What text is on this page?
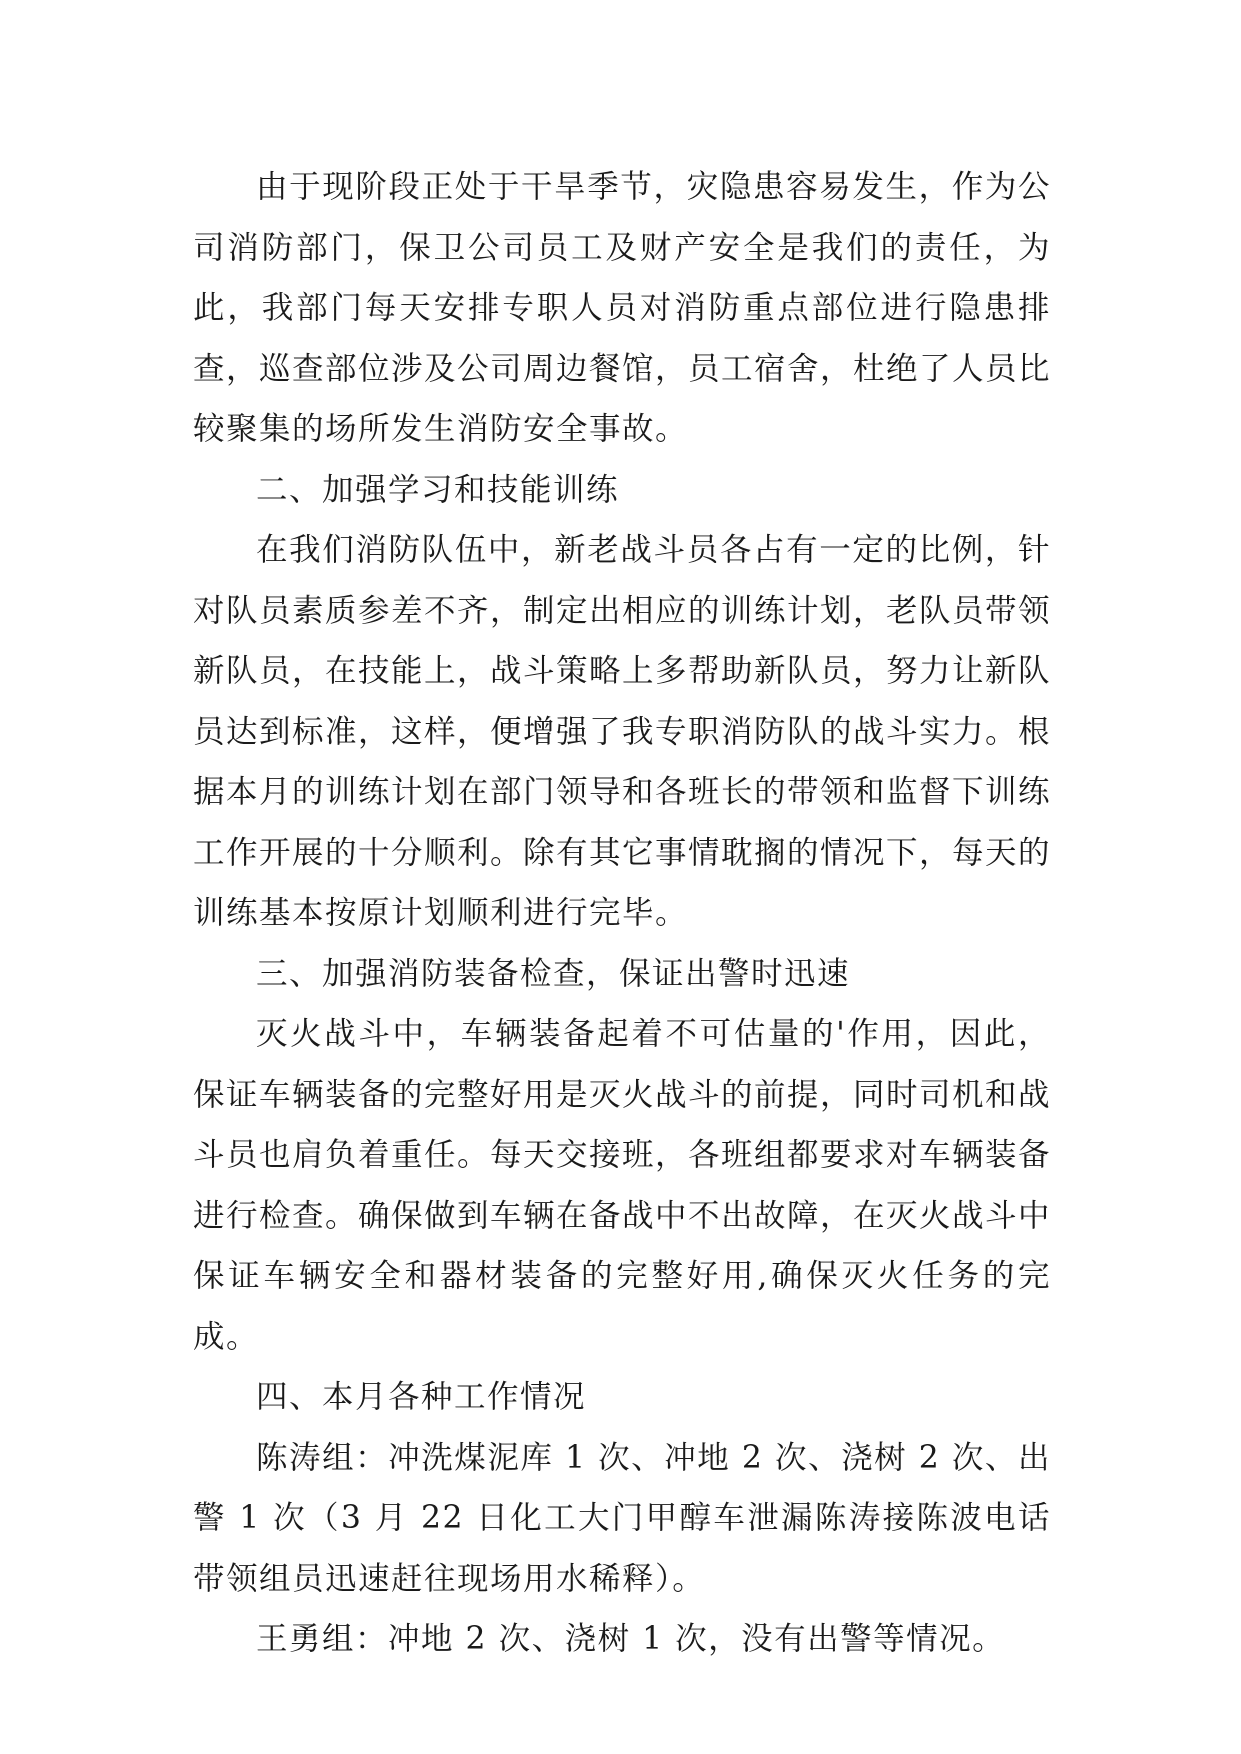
由于现阶段正处于干旱季节，灾隐患容易发生，作为公司消防部门，保卫公司员工及财产安全是我们的责任，为此，我部门每天安排专职人员对消防重点部位进行隐患排查，巡查部位涉及公司周边餐馆，员工宿舍，杜绝了人员比较聚集的场所发生消防安全事故。

二、加强学习和技能训练

在我们消防队伍中，新老战斗员各占有一定的比例，针对队员素质参差不齐，制定出相应的训练计划，老队员带领新队员，在技能上，战斗策略上多帮助新队员，努力让新队员达到标准，这样，便增强了我专职消防队的战斗实力。根据本月的训练计划在部门领导和各班长的带领和监督下训练工作开展的十分顺利。除有其它事情耽搁的情况下，每天的训练基本按原计划顺利进行完毕。

三、加强消防装备检查，保证出警时迅速

灭火战斗中，车辆装备起着不可估量的'作用，因此，保证车辆装备的完整好用是灭火战斗的前提，同时司机和战斗员也肩负着重任。每天交接班，各班组都要求对车辆装备进行检查。确保做到车辆在备战中不出故障，在灭火战斗中保证车辆安全和器材装备的完整好用,确保灭火任务的完成。

四、本月各种工作情况

陈涛组：冲洗煤泥库 1 次、冲地 2 次、浇树 2 次、出警 1 次（3 月 22 日化工大门甲醇车泄漏陈涛接陈波电话带领组员迅速赶往现场用水稀释）。

王勇组：冲地 2 次、浇树 1 次，没有出警等情况。
